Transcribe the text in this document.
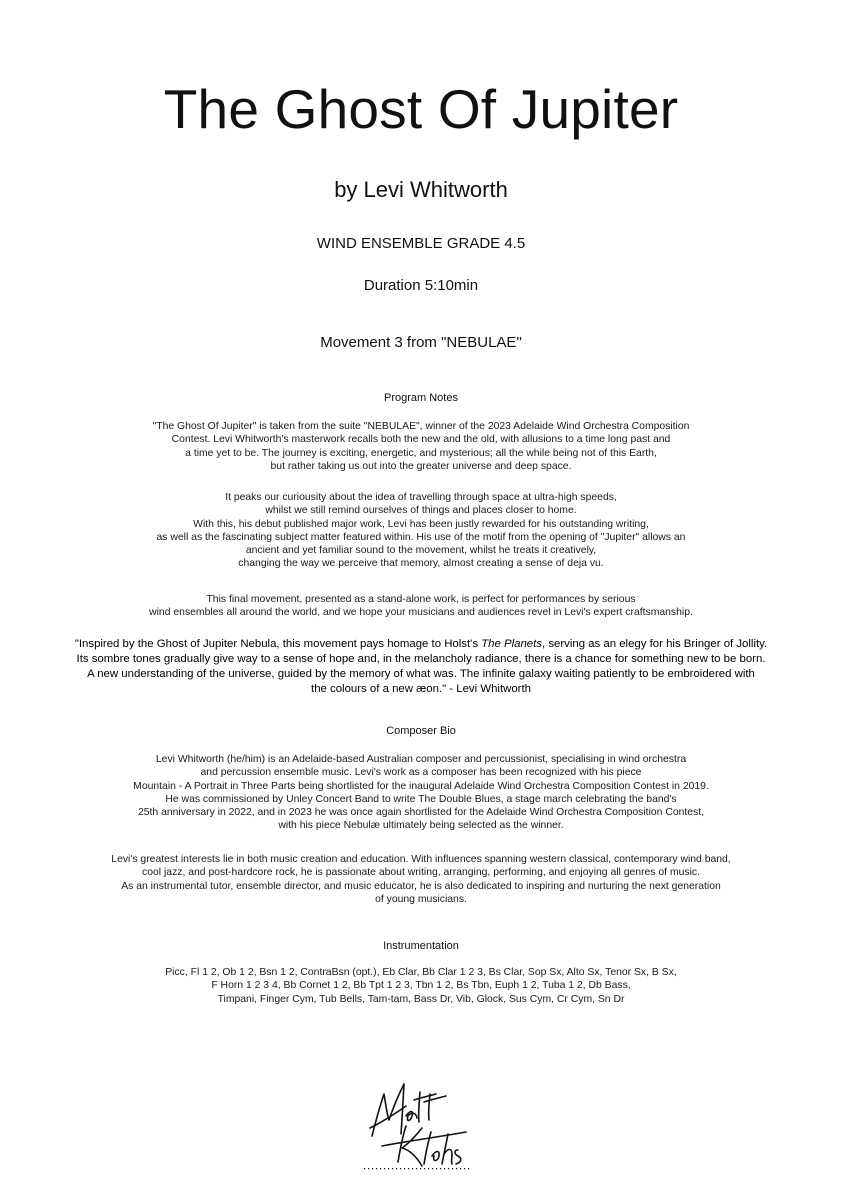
The Ghost Of Jupiter
by Levi Whitworth
WIND ENSEMBLE GRADE 4.5
Duration 5:10min
Movement 3 from "NEBULAE"
Program Notes
"The Ghost Of Jupiter" is taken from the suite "NEBULAE", winner of the 2023 Adelaide Wind Orchestra Composition
Contest. Levi Whitworth's masterwork recalls both the new and the old, with allusions to a time long past and
a time yet to be. The journey is exciting, energetic, and mysterious; all the while being not of this Earth,
but rather taking us out into the greater universe and deep space.
It peaks our curiousity about the idea of travelling through space at ultra-high speeds,
whilst we still remind ourselves of things and places closer to home.
With this, his debut published major work, Levi has been justly rewarded for his outstanding writing,
as well as the fascinating subject matter featured within. His use of the motif from the opening of "Jupiter" allows an
ancient and yet familiar sound to the movement, whilst he treats it creatively,
changing the way we perceive that memory, almost creating a sense of deja vu.
This final movement, presented as a stand-alone work, is perfect for performances by serious
wind ensembles all around the world, and we hope your musicians and audiences revel in Levi's expert craftsmanship.
"Inspired by the Ghost of Jupiter Nebula, this movement pays homage to Holst's The Planets, serving as an elegy for his Bringer of Jollity.
Its sombre tones gradually give way to a sense of hope and, in the melancholy radiance, there is a chance for something new to be born.
A new understanding of the universe, guided by the memory of what was. The infinite galaxy waiting patiently to be embroidered with
the colours of a new æon." - Levi Whitworth
Composer Bio
Levi Whitworth (he/him) is an Adelaide-based Australian composer and percussionist, specialising in wind orchestra
and percussion ensemble music. Levi's work as a composer has been recognized with his piece
Mountain - A Portrait in Three Parts being shortlisted for the inaugural Adelaide Wind Orchestra Composition Contest in 2019.
He was commissioned by Unley Concert Band to write The Double Blues, a stage march celebrating the band's
25th anniversary in 2022, and in 2023 he was once again shortlisted for the Adelaide Wind Orchestra Composition Contest,
with his piece Nebulæ ultimately being selected as the winner.
Levi's greatest interests lie in both music creation and education. With influences spanning western classical, contemporary wind band,
cool jazz, and post-hardcore rock, he is passionate about writing, arranging, performing, and enjoying all genres of music.
As an instrumental tutor, ensemble director, and music educator, he is also dedicated to inspiring and nurturing the next generation
of young musicians.
Instrumentation
Picc, Fl 1 2, Ob 1 2, Bsn 1 2, ContraBsn (opt.), Eb Clar, Bb Clar 1 2 3, Bs Clar, Sop Sx, Alto Sx, Tenor Sx, B Sx,
F Horn 1 2 3 4, Bb Cornet 1 2, Bb Tpt 1 2 3, Tbn 1 2, Bs Tbn, Euph 1 2, Tuba 1 2, Db Bass,
Timpani, Finger Cym, Tub Bells, Tam-tam, Bass Dr, Vib, Glock, Sus Cym, Cr Cym, Sn Dr
